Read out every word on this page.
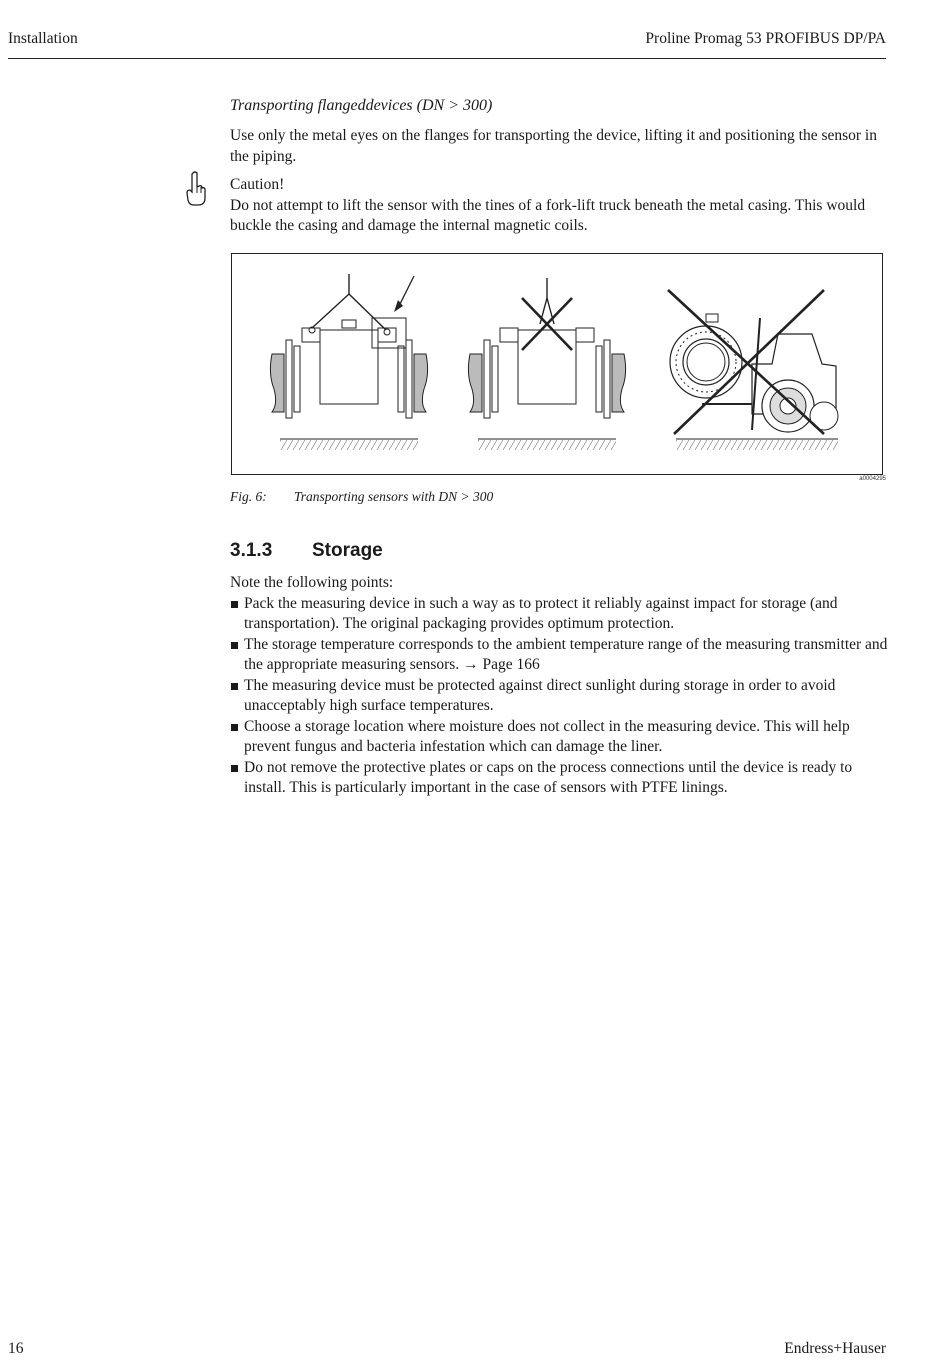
Installation	Proline Promag 53 PROFIBUS DP/PA
Transporting flangeddevices (DN > 300)
Use only the metal eyes on the flanges for transporting the device, lifting it and positioning the sensor in the piping.
Caution!
Do not attempt to lift the sensor with the tines of a fork-lift truck beneath the metal casing. This would buckle the casing and damage the internal magnetic coils.
a0004295
Fig. 6: Transporting sensors with DN > 300
3.1.3 Storage
Note the following points:
Pack the measuring device in such a way as to protect it reliably against impact for storage (and transportation). The original packaging provides optimum protection.
The storage temperature corresponds to the ambient temperature range of the measuring transmitter and the appropriate measuring sensors. → Page 166
The measuring device must be protected against direct sunlight during storage in order to avoid unacceptably high surface temperatures.
Choose a storage location where moisture does not collect in the measuring device. This will help prevent fungus and bacteria infestation which can damage the liner.
Do not remove the protective plates or caps on the process connections until the device is ready to install. This is particularly important in the case of sensors with PTFE linings.
16	Endress+Hauser
